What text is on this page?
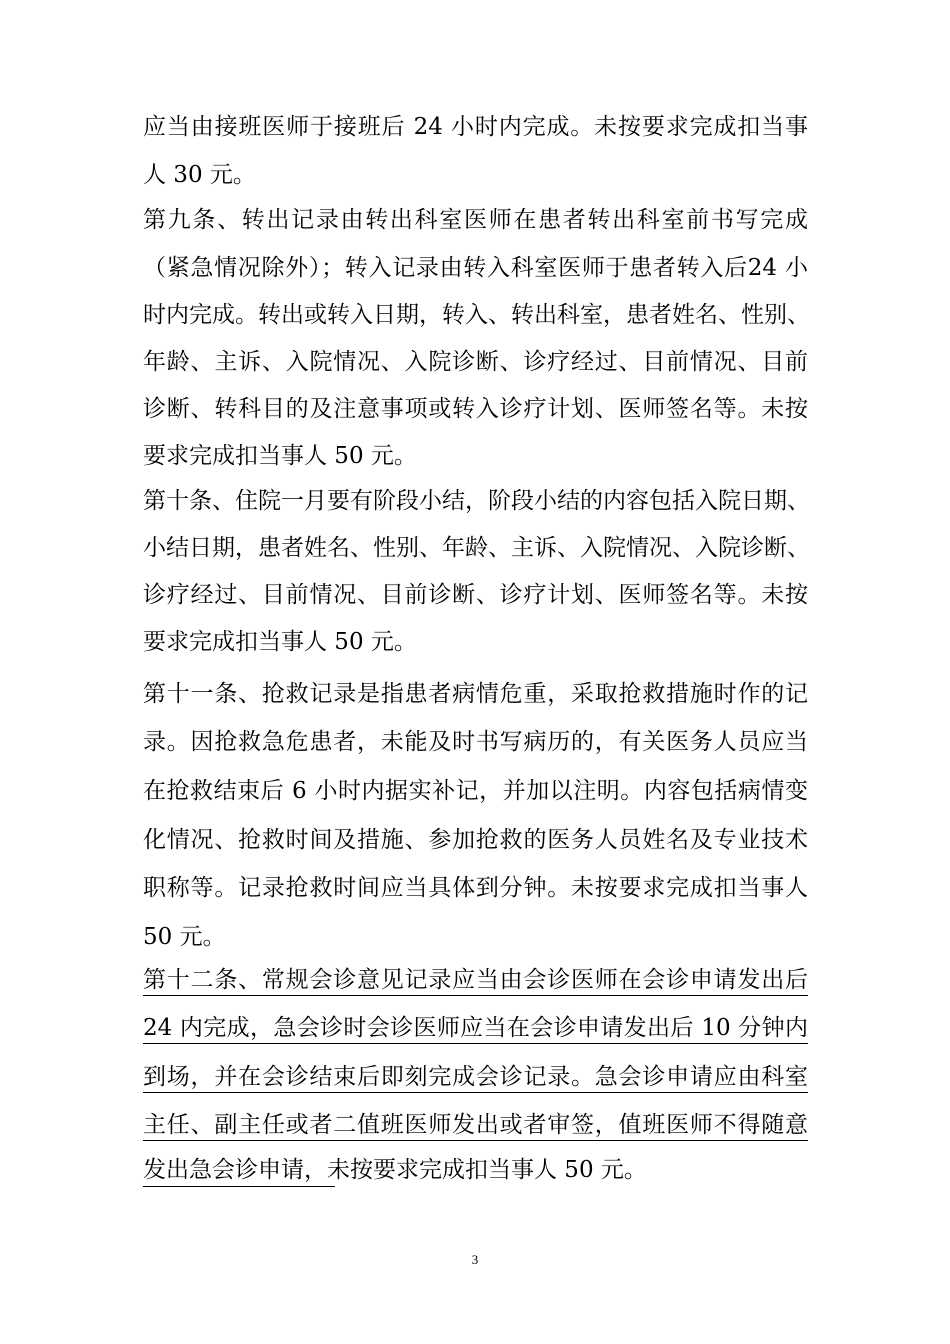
应当由接班医师于接班后 24 小时内完成。未按要求完成扣当事
人 30 元。
第九条、转出记录由转出科室医师在患者转出科室前书写完成
（紧急情况除外）；转入记录由转入科室医师于患者转入后24 小
时内完成。转出或转入日期，转入、转出科室，患者姓名、性别、
年龄、主诉、入院情况、入院诊断、诊疗经过、目前情况、目前
诊断、转科目的及注意事项或转入诊疗计划、医师签名等。未按
要求完成扣当事人 50 元。
第十条、住院一月要有阶段小结，阶段小结的内容包括入院日期、
小结日期，患者姓名、性别、年龄、主诉、入院情况、入院诊断、
诊疗经过、目前情况、目前诊断、诊疗计划、医师签名等。未按
要求完成扣当事人 50 元。
第十一条、抢救记录是指患者病情危重，采取抢救措施时作的记
录。因抢救急危患者，未能及时书写病历的，有关医务人员应当
在抢救结束后 6 小时内据实补记，并加以注明。内容包括病情变
化情况、抢救时间及措施、参加抢救的医务人员姓名及专业技术
职称等。记录抢救时间应当具体到分钟。未按要求完成扣当事人
50 元。
第十二条、常规会诊意见记录应当由会诊医师在会诊申请发出后
24 内完成，急会诊时会诊医师应当在会诊申请发出后 10 分钟内
到场，并在会诊结束后即刻完成会诊记录。急会诊申请应由科室
主任、副主任或者二值班医师发出或者审签，值班医师不得随意
发出急会诊申请，未按要求完成扣当事人 50 元。
3
